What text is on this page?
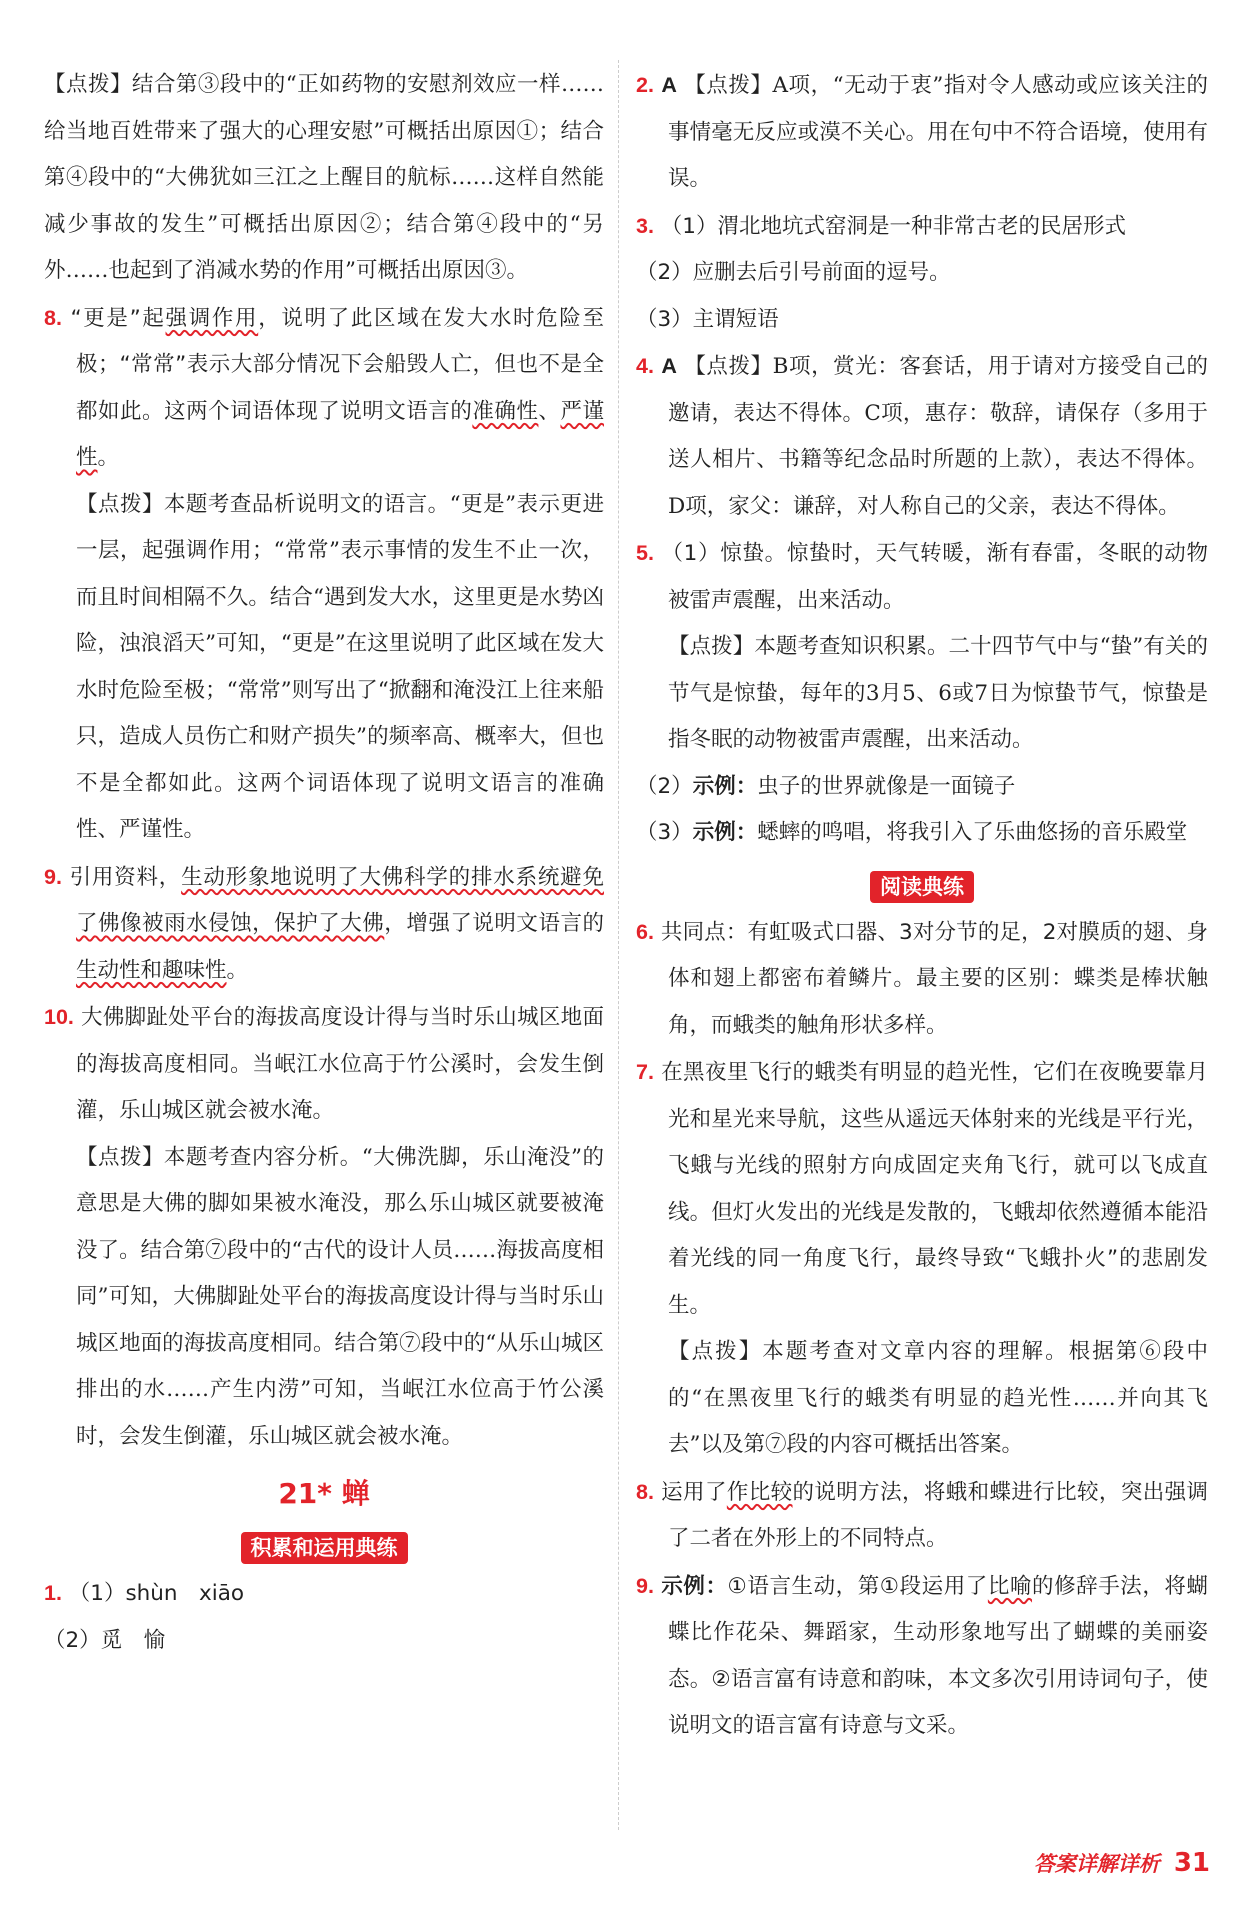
【点拨】结合第③段中的“正如药物的安慰剂效应一样……给当地百姓带来了强大的心理安慰”可概括出原因①；结合第④段中的“大佛犹如三江之上醒目的航标……这样自然能减少事故的发生”可概括出原因②；结合第④段中的“另外……也起到了消减水势的作用”可概括出原因③。

8. “更是”起强调作用，说明了此区域在发大水时危险至极；“常常”表示大部分情况下会船毁人亡，但也不是全都如此。这两个词语体现了说明文语言的准确性、严谨性。

【点拨】本题考查品析说明文的语言。“更是”表示更进一层，起强调作用；“常常”表示事情的发生不止一次，而且时间相隔不久。结合“遇到发大水，这里更是水势凶险，浊浪滔天”可知，“更是”在这里说明了此区域在发大水时危险至极；“常常”则写出了“掀翻和淹没江上往来船只，造成人员伤亡和财产损失”的频率高、概率大，但也不是全都如此。这两个词语体现了说明文语言的准确性、严谨性。

9. 引用资料，生动形象地说明了大佛科学的排水系统避免了佛像被雨水侵蚀，保护了大佛，增强了说明文语言的生动性和趣味性。

10. 大佛脚趾处平台的海拔高度设计得与当时乐山城区地面的海拔高度相同。当岷江水位高于竹公溪时，会发生倒灌，乐山城区就会被水淹。

【点拨】本题考查内容分析。“大佛洗脚，乐山淹没”的意思是大佛的脚如果被水淹没，那么乐山城区就要被淹没了。结合第⑦段中的“古代的设计人员……海拔高度相同”可知，大佛脚趾处平台的海拔高度设计得与当时乐山城区地面的海拔高度相同。结合第⑦段中的“从乐山城区排出的水……产生内涝”可知，当岷江水位高于竹公溪时，会发生倒灌，乐山城区就会被水淹。

21* 蝉
积累和运用典练

1. （1）shùn　xiāo

（2）觅　愉

2. A 【点拨】A项，“无动于衷”指对令人感动或应该关注的事情毫无反应或漠不关心。用在句中不符合语境，使用有误。

3. （1）渭北地坑式窑洞是一种非常古老的民居形式

（2）应删去后引号前面的逗号。

（3）主谓短语

4. A 【点拨】B项，赏光：客套话，用于请对方接受自己的邀请，表达不得体。C项，惠存：敬辞，请保存（多用于送人相片、书籍等纪念品时所题的上款），表达不得体。D项，家父：谦辞，对人称自己的父亲，表达不得体。

5. （1）惊蛰。惊蛰时，天气转暖，渐有春雷，冬眠的动物被雷声震醒，出来活动。

【点拨】本题考查知识积累。二十四节气中与“蛰”有关的节气是惊蛰，每年的3月5、6或7日为惊蛰节气，惊蛰是指冬眠的动物被雷声震醒，出来活动。

（2）示例：虫子的世界就像是一面镜子

（3）示例：蟋蟀的鸣唱，将我引入了乐曲悠扬的音乐殿堂

阅读典练

6. 共同点：有虹吸式口器、3对分节的足，2对膜质的翅、身体和翅上都密布着鳞片。最主要的区别：蝶类是棒状触角，而蛾类的触角形状多样。

7. 在黑夜里飞行的蛾类有明显的趋光性，它们在夜晚要靠月光和星光来导航，这些从遥远天体射来的光线是平行光，飞蛾与光线的照射方向成固定夹角飞行，就可以飞成直线。但灯火发出的光线是发散的，飞蛾却依然遵循本能沿着光线的同一角度飞行，最终导致“飞蛾扑火”的悲剧发生。

【点拨】本题考查对文章内容的理解。根据第⑥段中的“在黑夜里飞行的蛾类有明显的趋光性……并向其飞去”以及第⑦段的内容可概括出答案。

8. 运用了作比较的说明方法，将蛾和蝶进行比较，突出强调了二者在外形上的不同特点。

9. 示例：①语言生动，第①段运用了比喻的修辞手法，将蝴蝶比作花朵、舞蹈家，生动形象地写出了蝴蝶的美丽姿态。②语言富有诗意和韵味，本文多次引用诗词句子，使说明文的语言富有诗意与文采。

答案详解详析 31
